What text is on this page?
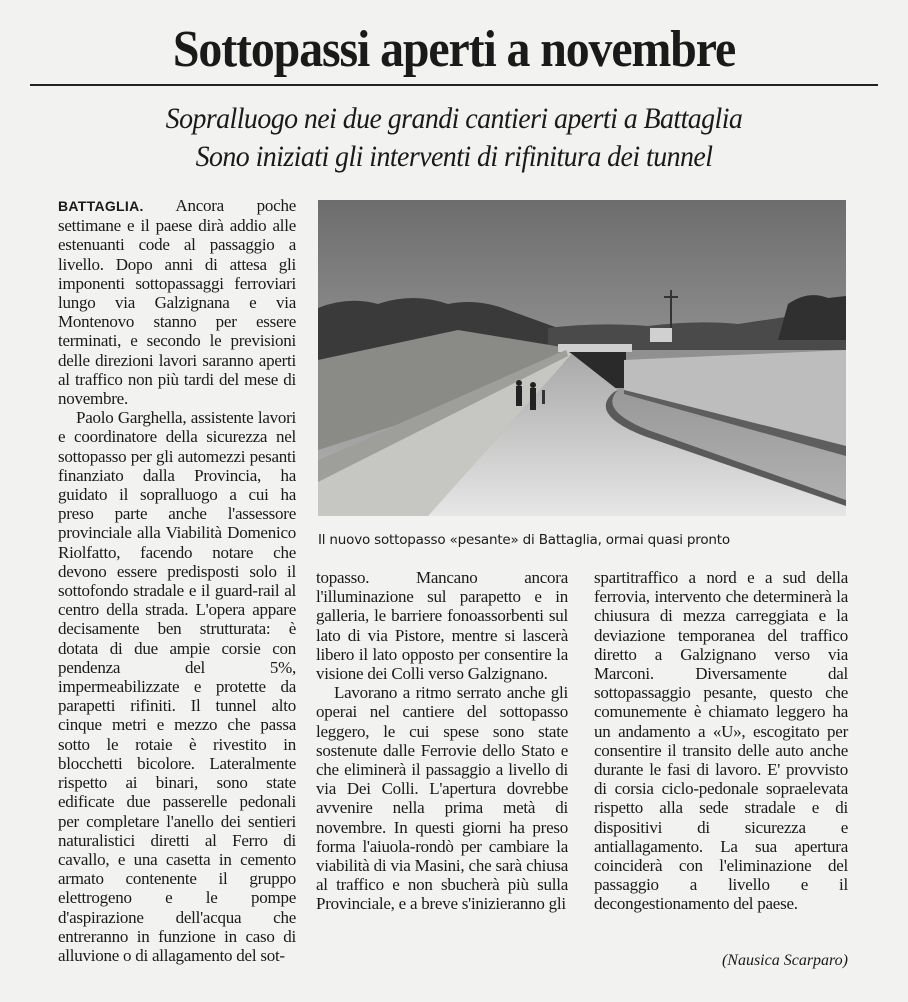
Sottopassi aperti a novembre
Sopralluogo nei due grandi cantieri aperti a Battaglia
Sono iniziati gli interventi di rifinitura dei tunnel

BATTAGLIA. Ancora poche settimane e il paese dirà addio alle estenuanti code al passaggio a livello. Dopo anni di attesa gli imponenti sottopassaggi ferroviari lungo via Galzignana e via Montenovo stanno per essere terminati, e secondo le previsioni delle direzioni lavori saranno aperti al traffico non più tardi del mese di novembre.

Paolo Garghella, assistente lavori e coordinatore della sicurezza nel sottopasso per gli automezzi pesanti finanziato dalla Provincia, ha guidato il sopralluogo a cui ha preso parte anche l'assessore provinciale alla Viabilità Domenico Riolfatto, facendo notare che devono essere predisposti solo il sottofondo stradale e il guard-rail al centro della strada. L'opera appare decisamente ben strutturata: è dotata di due ampie corsie con pendenza del 5%, impermeabilizzate e protette da parapetti rifiniti. Il tunnel alto cinque metri e mezzo che passa sotto le rotaie è rivestito in blocchetti bicolore. Lateralmente rispetto ai binari, sono state edificate due passerelle pedonali per completare l'anello dei sentieri naturalistici diretti al Ferro di cavallo, e una casetta in cemento armato contenente il gruppo elettrogeno e le pompe d'aspirazione dell'acqua che entreranno in funzione in caso di alluvione o di allagamento del sot-

Il nuovo sottopasso «pesante» di Battaglia, ormai quasi pronto

topasso. Mancano ancora l'illuminazione sul parapetto e in galleria, le barriere fonoassorbenti sul lato di via Pistore, mentre si lascerà libero il lato opposto per consentire la visione dei Colli verso Galzignano.

Lavorano a ritmo serrato anche gli operai nel cantiere del sottopasso leggero, le cui spese sono state sostenute dalle Ferrovie dello Stato e che eliminerà il passaggio a livello di via Dei Colli. L'apertura dovrebbe avvenire nella prima metà di novembre. In questi giorni ha preso forma l'aiuola-rondò per cambiare la viabilità di via Masini, che sarà chiusa al traffico e non sbucherà più sulla Provinciale, e a breve s'inizieranno gli

spartitraffico a nord e a sud della ferrovia, intervento che determinerà la chiusura di mezza carreggiata e la deviazione temporanea del traffico diretto a Galzignano verso via Marconi. Diversamente dal sottopassaggio pesante, questo che comunemente è chiamato leggero ha un andamento a «U», escogitato per consentire il transito delle auto anche durante le fasi di lavoro. E' provvisto di corsia ciclo-pedonale sopraelevata rispetto alla sede stradale e di dispositivi di sicurezza e antiallagamento. La sua apertura coinciderà con l'eliminazione del passaggio a livello e il decongestionamento del paese.

(Nausica Scarparo)
